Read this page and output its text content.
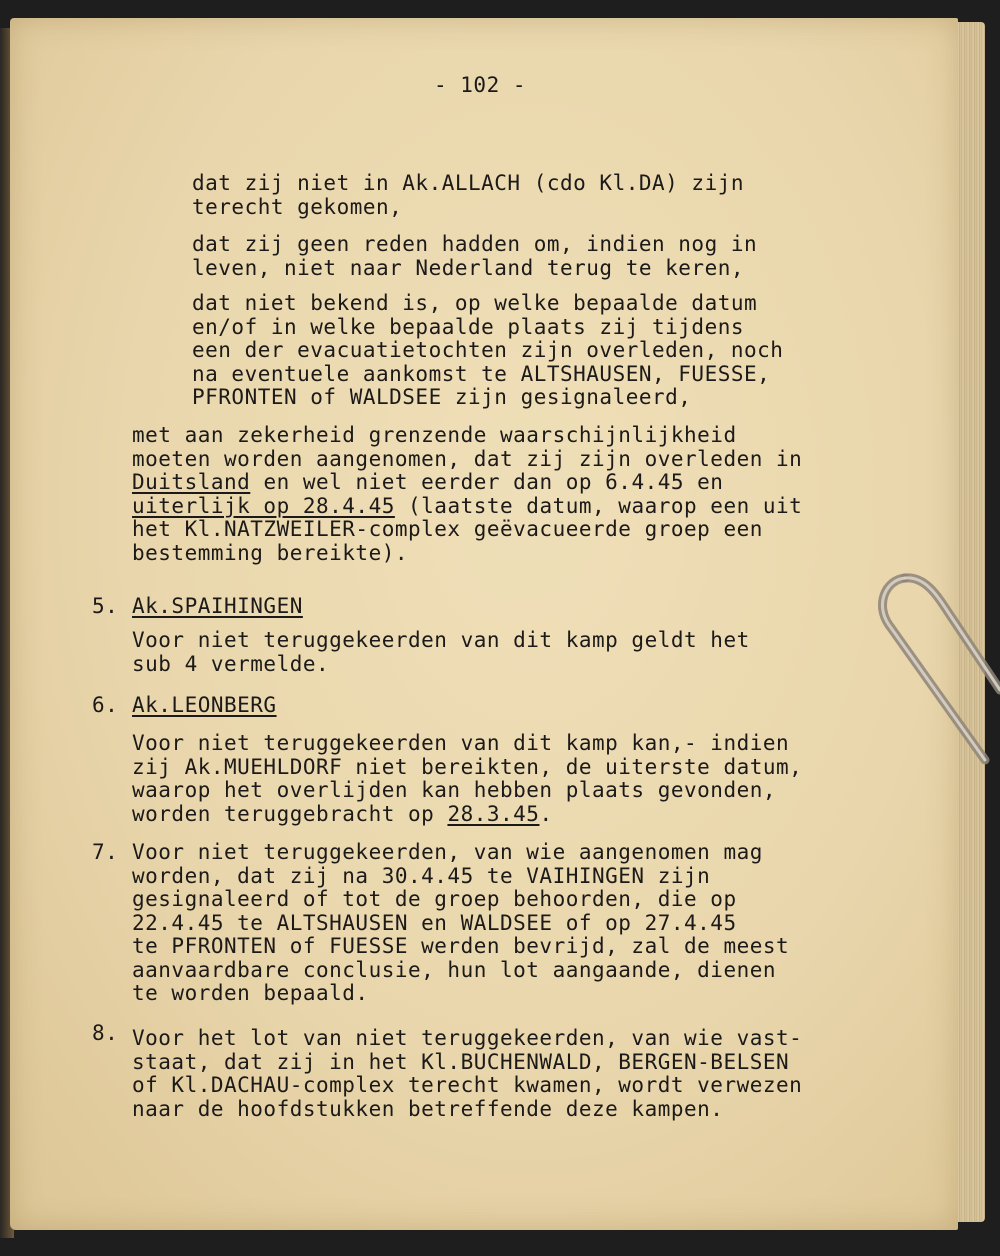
- 102 -
dat zij niet in Ak.ALLACH (cdo Kl.DA) zijn
terecht gekomen,
dat zij geen reden hadden om, indien nog in
leven, niet naar Nederland terug te keren,
dat niet bekend is, op welke bepaalde datum
en/of in welke bepaalde plaats zij tijdens
een der evacuatietochten zijn overleden, noch
na eventuele aankomst te ALTSHAUSEN, FUESSE,
PFRONTEN of WALDSEE zijn gesignaleerd,
met aan zekerheid grenzende waarschijnlijkheid
moeten worden aangenomen, dat zij zijn overleden in
Duitsland en wel niet eerder dan op 6.4.45 en
uiterlijk op 28.4.45 (laatste datum, waarop een uit
het Kl.NATZWEILER-complex geëvacueerde groep een
bestemming bereikte).
5. Ak.SPAIHINGEN
Voor niet teruggekeerden van dit kamp geldt het
sub 4 vermelde.
6. Ak.LEONBERG
Voor niet teruggekeerden van dit kamp kan,- indien
zij Ak.MUEHLDORF niet bereikten, de uiterste datum,
waarop het overlijden kan hebben plaats gevonden,
worden teruggebracht op 28.3.45.
7. Voor niet teruggekeerden, van wie aangenomen mag
worden, dat zij na 30.4.45 te VAIHINGEN zijn
gesignaleerd of tot de groep behoorden, die op
22.4.45 te ALTSHAUSEN en WALDSEE of op 27.4.45
te PFRONTEN of FUESSE werden bevrijd, zal de meest
aanvaardbare conclusie, hun lot aangaande, dienen
te worden bepaald.
8. Voor het lot van niet teruggekeerden, van wie vast-
staat, dat zij in het Kl.BUCHENWALD, BERGEN-BELSEN
of Kl.DACHAU-complex terecht kwamen, wordt verwezen
naar de hoofdstukken betreffende deze kampen.
